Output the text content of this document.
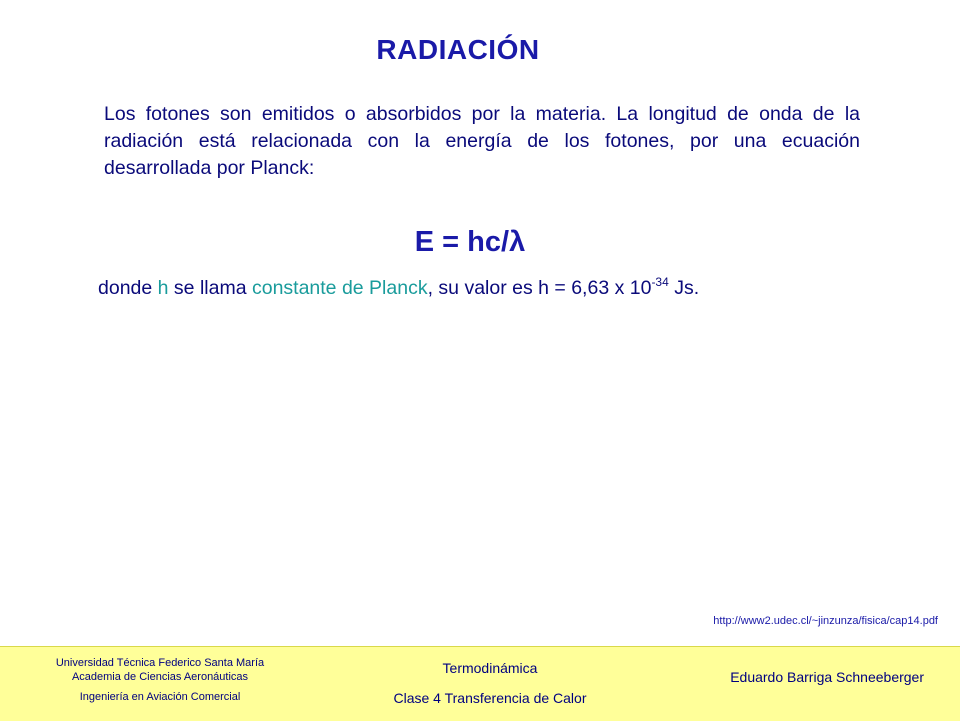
RADIACIÓN
Los fotones son emitidos o absorbidos por la materia. La longitud de onda de la radiación está relacionada con la energía de los fotones, por una ecuación desarrollada por Planck:
E = hc/λ
donde h se llama constante de Planck, su valor es h = 6,63 x $10^{-34}$ Js.
http://www2.udec.cl/~jinzunza/fisica/cap14.pdf
Universidad Técnica Federico Santa María
Academia de Ciencias Aeronáuticas
Ingeniería en Aviación Comercial
Termodinámica
Clase 4 Transferencia de Calor
Eduardo Barriga Schneeberger
